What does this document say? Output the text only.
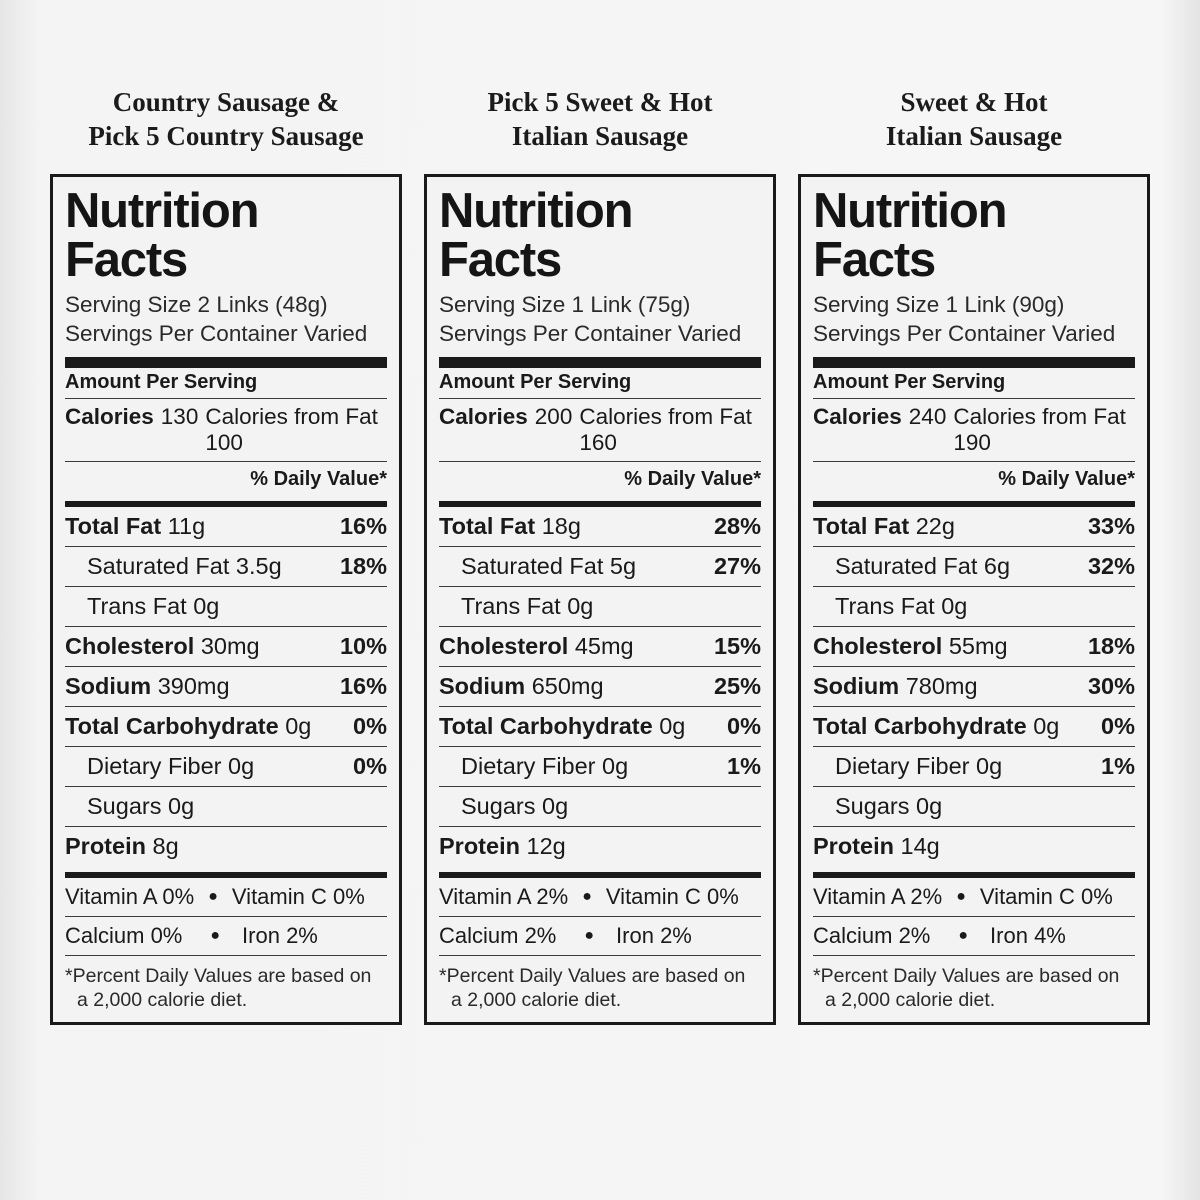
Country Sausage &
Pick 5 Country Sausage
Nutrition Facts
Serving Size 2 Links (48g)
Servings Per Container Varied
Amount Per Serving
Calories 130 Calories from Fat 100
% Daily Value*
Total Fat 11g	16%
Saturated Fat 3.5g 18%
Trans Fat 0g
Cholesterol 30mg	10%
Sodium 390mg	16%
Total Carbohydrate 0g 0%
Dietary Fiber 0g	0%
Sugars 0g
Protein 8g
Vitamin A 0% ● Vitamin C 0%
Calcium 0%	●	Iron 2%
*Percent Daily Values are based on
a 2,000 calorie diet.
Pick 5 Sweet & Hot
Italian Sausage
Nutrition Facts
Serving Size 1 Link (75g)
Servings Per Container Varied
Amount Per Serving
Calories 200 Calories from Fat 160
% Daily Value*
Total Fat 18g	28%
Saturated Fat 5g	27%
Trans Fat 0g
Cholesterol 45mg	15%
Sodium 650mg	25%
Total Carbohydrate 0g 0%
Dietary Fiber 0g	1%
Sugars 0g
Protein 12g
Vitamin A 2% ● Vitamin C 0%
Calcium 2%	●	Iron 2%
*Percent Daily Values are based on
a 2,000 calorie diet.
Sweet & Hot
Italian Sausage
Nutrition Facts
Serving Size 1 Link (90g)
Servings Per Container Varied
Amount Per Serving
Calories 240 Calories from Fat 190
% Daily Value*
Total Fat 22g	33%
Saturated Fat 6g	32%
Trans Fat 0g
Cholesterol 55mg	18%
Sodium 780mg	30%
Total Carbohydrate 0g 0%
Dietary Fiber 0g	1%
Sugars 0g
Protein 14g
Vitamin A 2% ● Vitamin C 0%
Calcium 2%	●	Iron 4%
*Percent Daily Values are based on
a 2,000 calorie diet.
